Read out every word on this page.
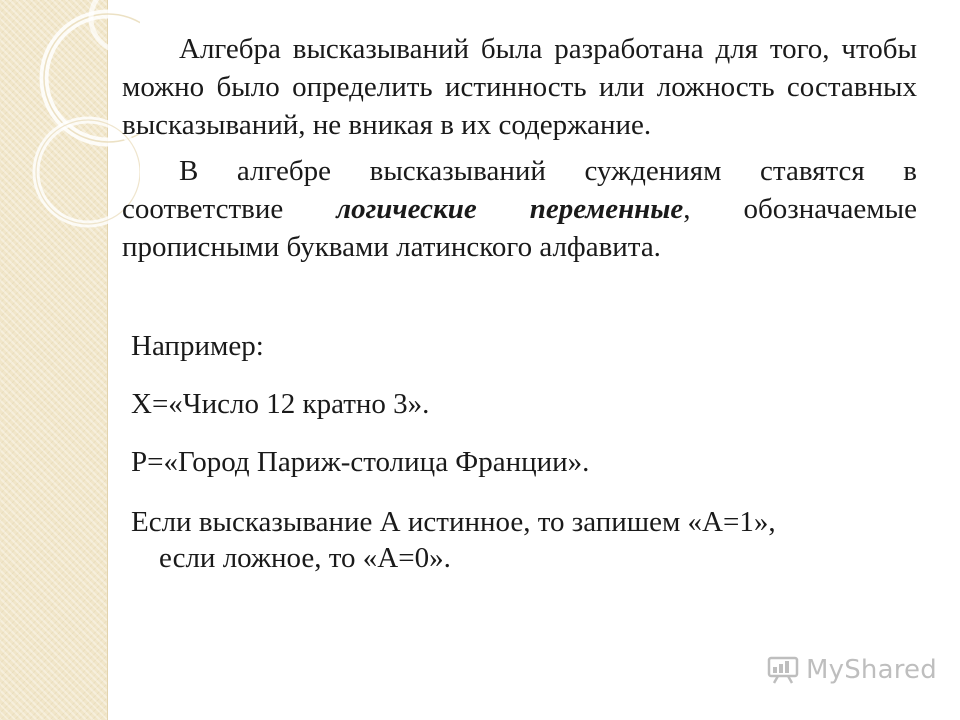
Алгебра высказываний была разработана для того, чтобы можно было определить истинность или ложность составных высказываний, не вникая в их содержание.

В алгебре высказываний суждениям ставятся в соответствие логические переменные, обозначаемые прописными буквами латинского алфавита.

Например:

Х=«Число 12 кратно 3».

Р=«Город Париж-столица Франции».

Если высказывание А истинное, то запишем «А=1»,

если ложное, то «А=0».

MyShared
